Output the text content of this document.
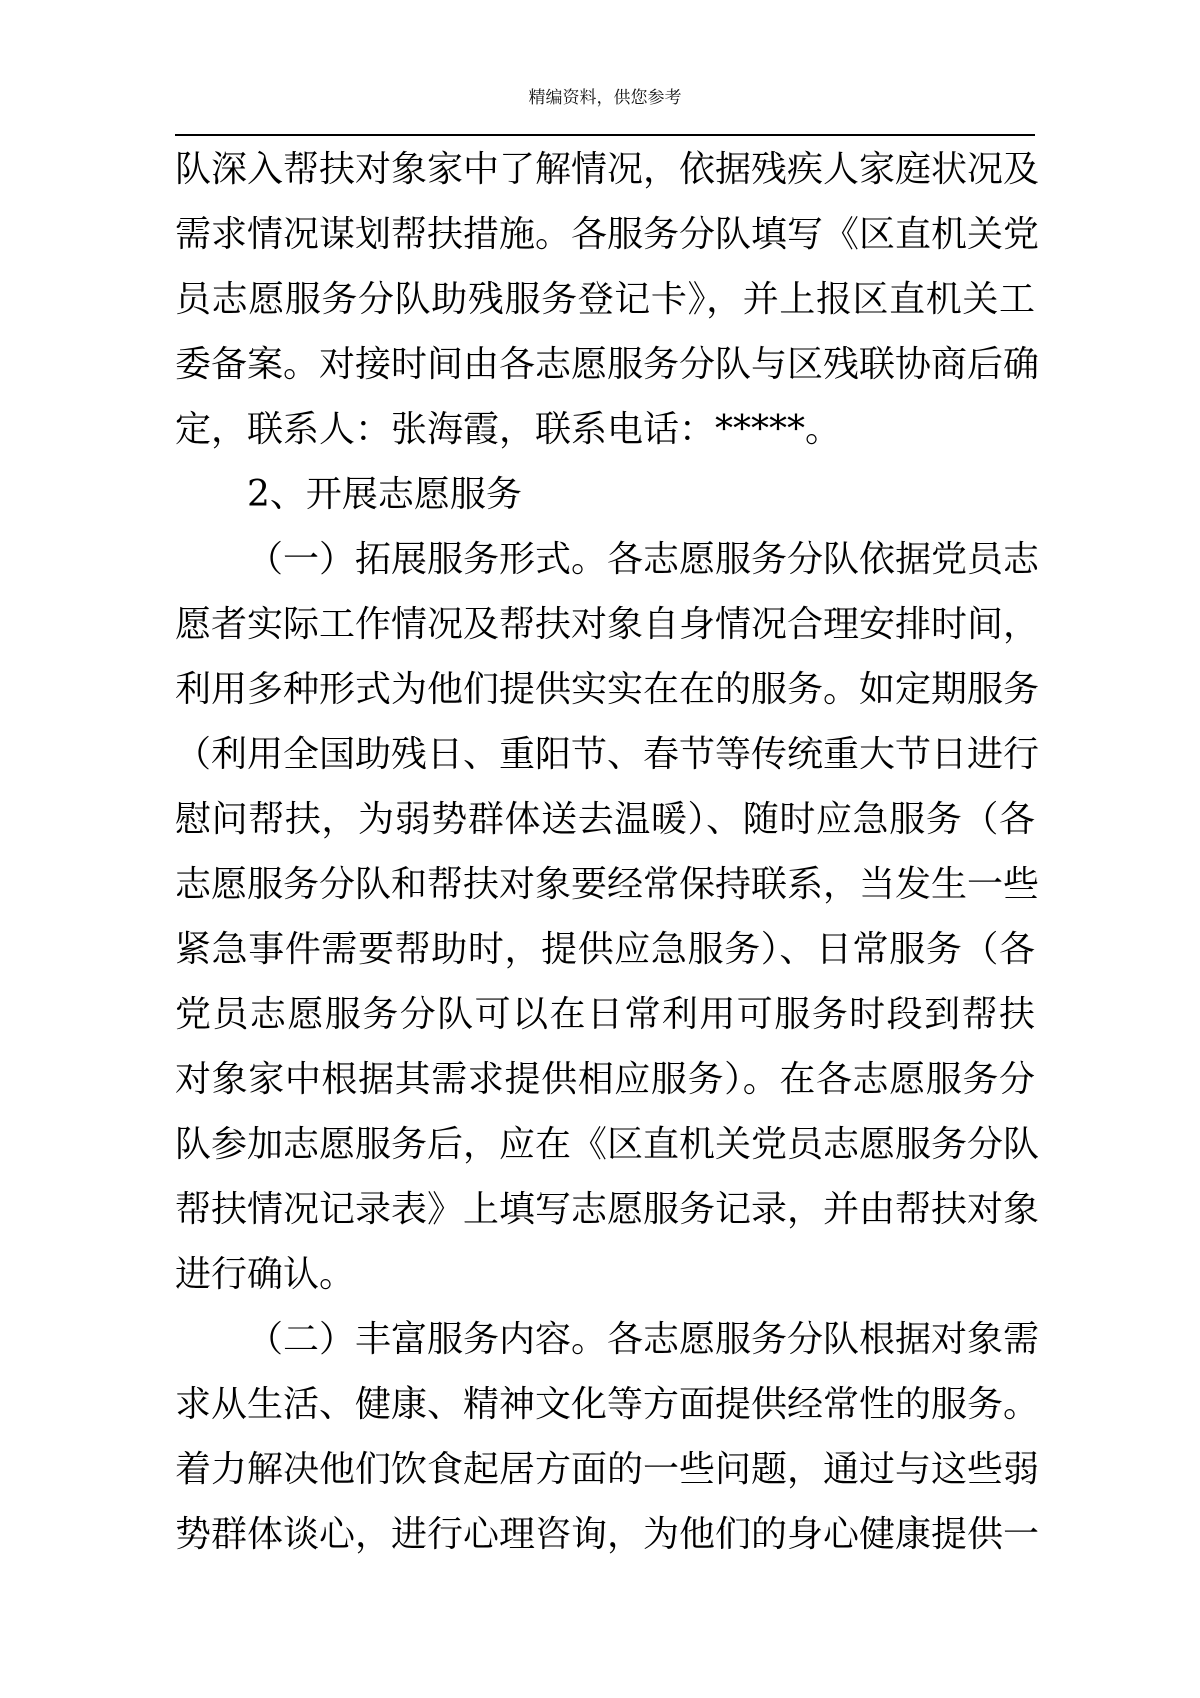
精编资料，供您参考
队深入帮扶对象家中了解情况，依据残疾人家庭状况及
需求情况谋划帮扶措施。各服务分队填写《区直机关党
员志愿服务分队助残服务登记卡》，并上报区直机关工
委备案。对接时间由各志愿服务分队与区残联协商后确
定，联系人：张海霞，联系电话：*****。
2、开展志愿服务
（一）拓展服务形式。各志愿服务分队依据党员志
愿者实际工作情况及帮扶对象自身情况合理安排时间，
利用多种形式为他们提供实实在在的服务。如定期服务
（利用全国助残日、重阳节、春节等传统重大节日进行
慰问帮扶，为弱势群体送去温暖）、随时应急服务（各
志愿服务分队和帮扶对象要经常保持联系，当发生一些
紧急事件需要帮助时，提供应急服务）、日常服务（各
党员志愿服务分队可以在日常利用可服务时段到帮扶
对象家中根据其需求提供相应服务）。在各志愿服务分
队参加志愿服务后，应在《区直机关党员志愿服务分队
帮扶情况记录表》上填写志愿服务记录，并由帮扶对象
进行确认。
（二）丰富服务内容。各志愿服务分队根据对象需
求从生活、健康、精神文化等方面提供经常性的服务。
着力解决他们饮食起居方面的一些问题，通过与这些弱
势群体谈心，进行心理咨询，为他们的身心健康提供一
